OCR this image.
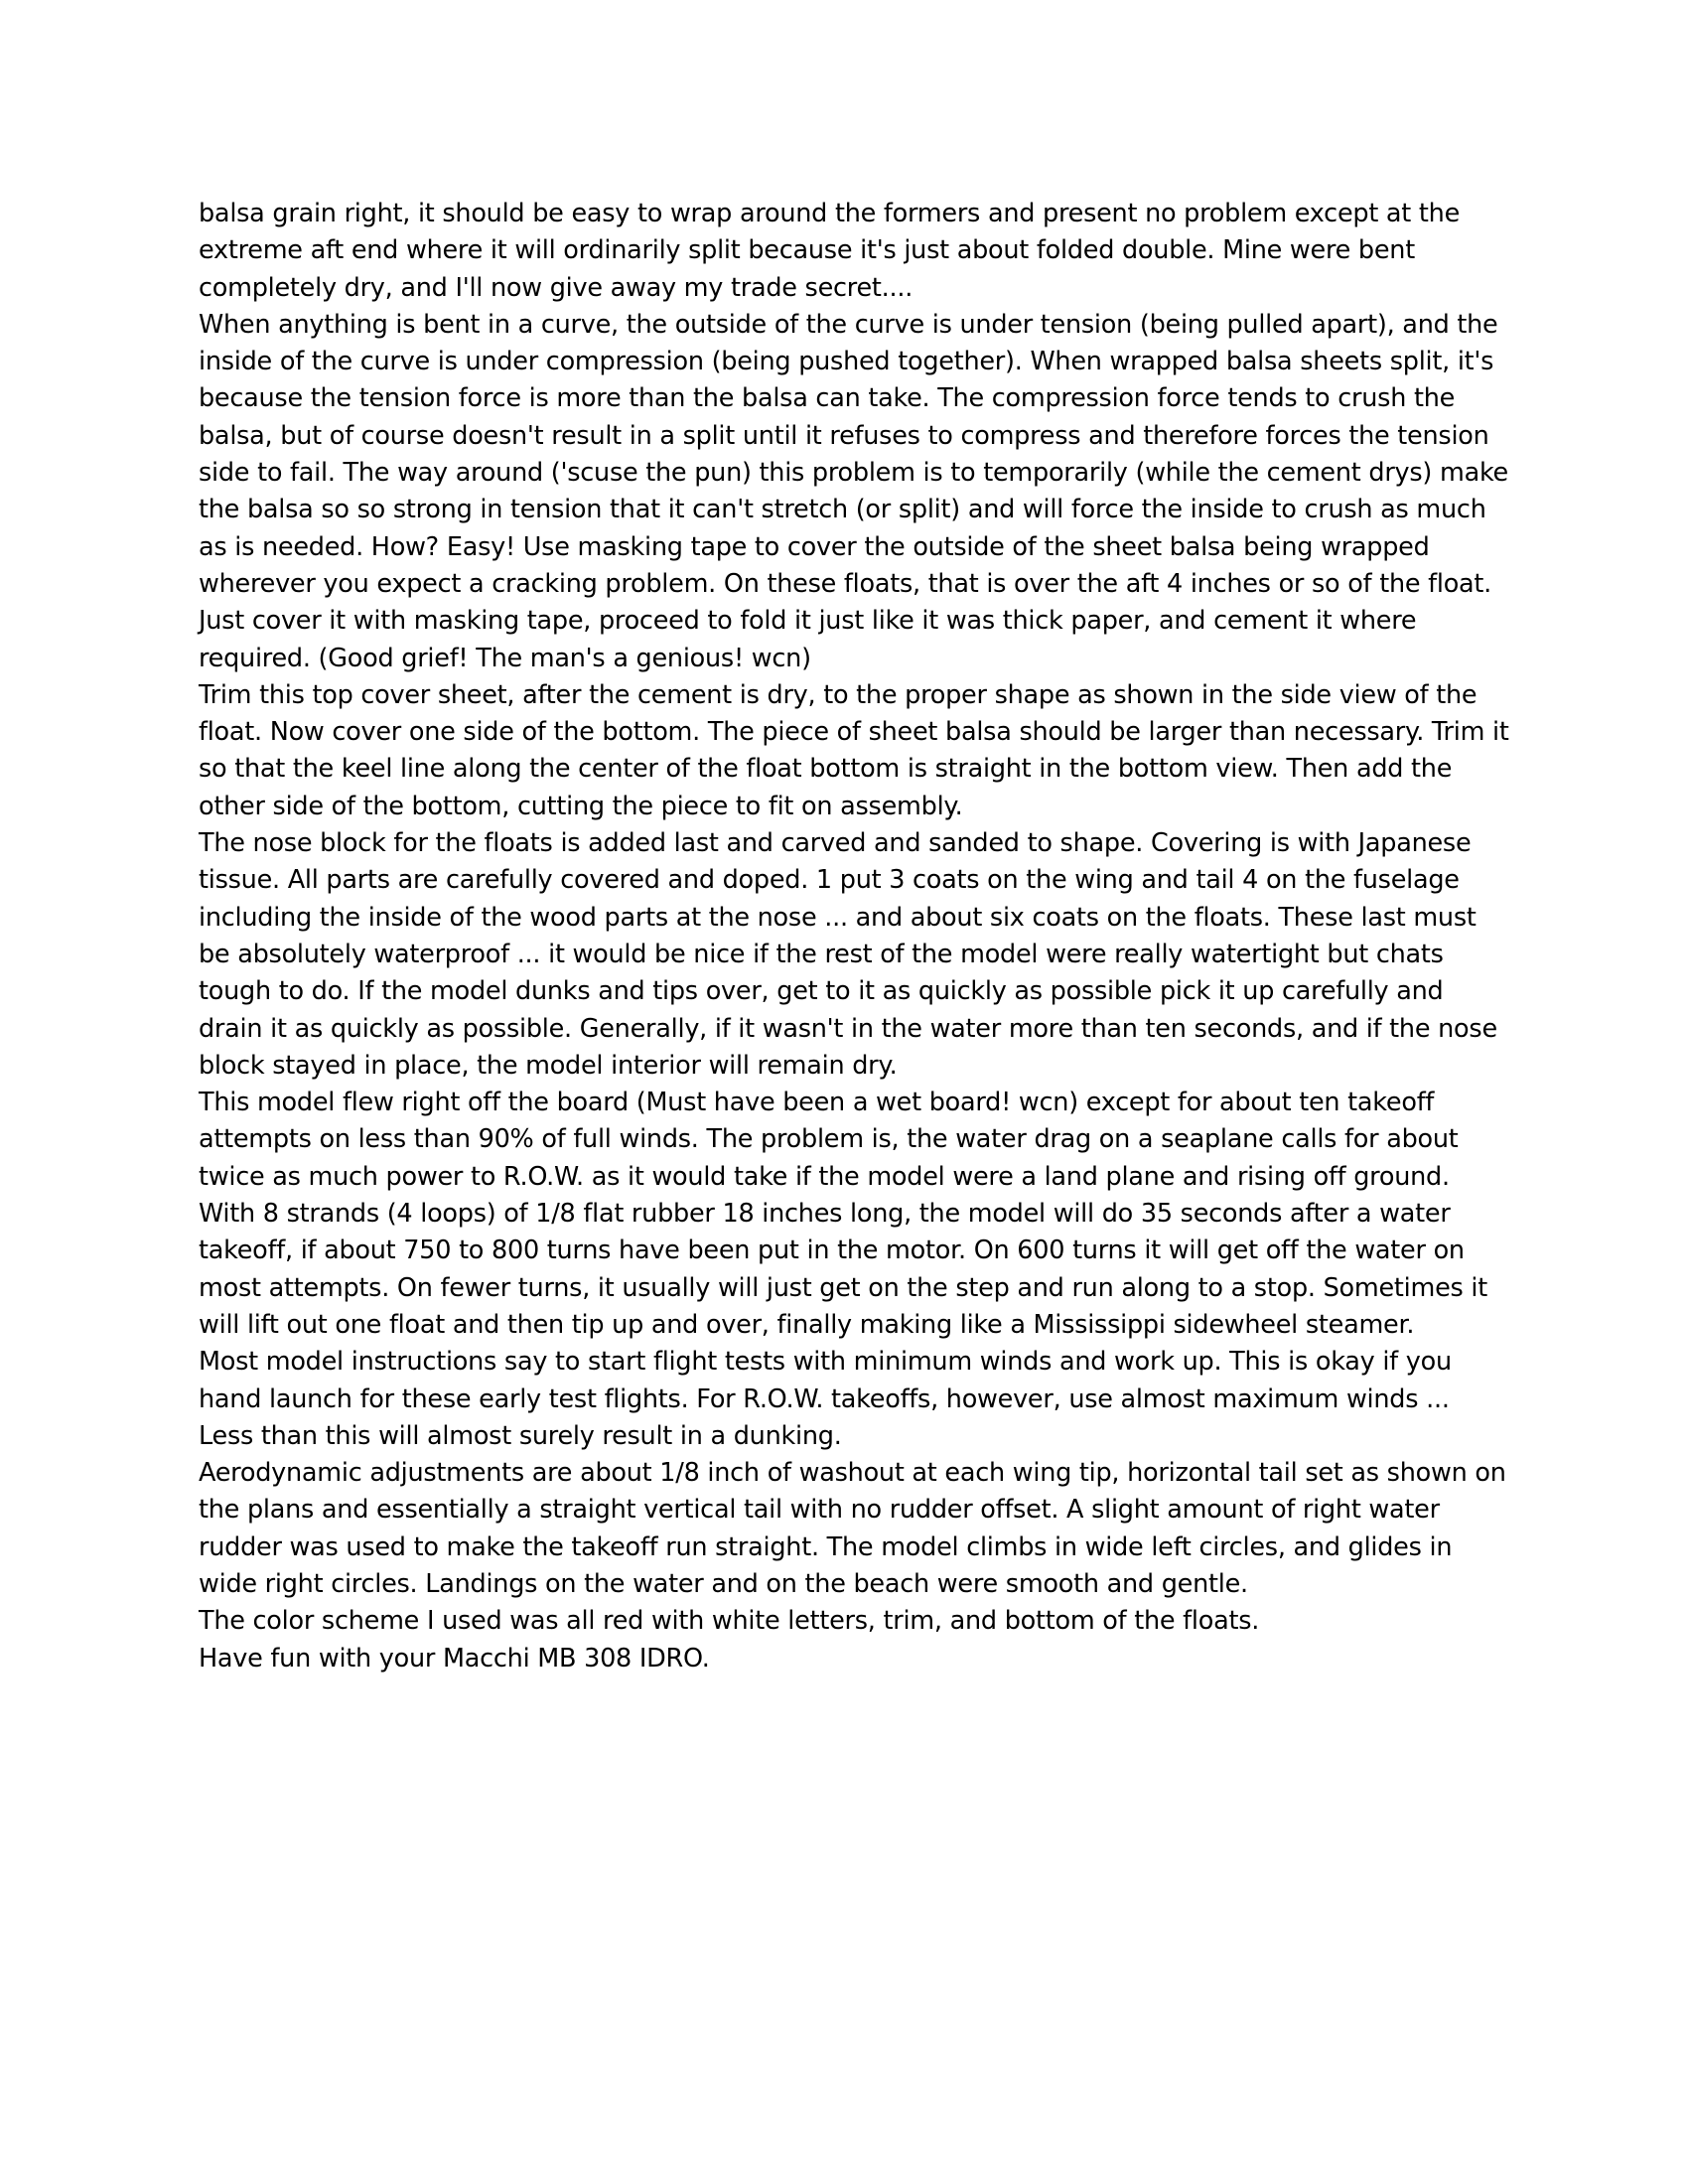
balsa grain right, it should be easy to wrap around the formers and present no problem except at the extreme aft end where it will ordinarily split because it's just about folded double. Mine were bent completely dry, and I'll now give away my trade secret....

When anything is bent in a curve, the outside of the curve is under tension (being pulled apart), and the inside of the curve is under compression (being pushed together). When wrapped balsa sheets split, it's because the tension force is more than the balsa can take. The compression force tends to crush the balsa, but of course doesn't result in a split until it refuses to compress and therefore forces the tension side to fail. The way around ('scuse the pun) this problem is to temporarily (while the cement drys) make the balsa so so strong in tension that it can't stretch (or split) and will force the inside to crush as much as is needed. How? Easy! Use masking tape to cover the outside of the sheet balsa being wrapped wherever you expect a cracking problem. On these floats, that is over the aft 4 inches or so of the float. Just cover it with masking tape, proceed to fold it just like it was thick paper, and cement it where required. (Good grief! The man's a genious! wcn)

Trim this top cover sheet, after the cement is dry, to the proper shape as shown in the side view of the float. Now cover one side of the bottom. The piece of sheet balsa should be larger than necessary. Trim it so that the keel line along the center of the float bottom is straight in the bottom view. Then add the other side of the bottom, cutting the piece to fit on assembly.

The nose block for the floats is added last and carved and sanded to shape. Covering is with Japanese tissue. All parts are carefully covered and doped. 1 put 3 coats on the wing and tail 4 on the fuselage including the inside of the wood parts at the nose ... and about six coats on the floats. These last must be absolutely waterproof ... it would be nice if the rest of the model were really watertight but chats tough to do. If the model dunks and tips over, get to it as quickly as possible pick it up carefully and drain it as quickly as possible. Generally, if it wasn't in the water more than ten seconds, and if the nose block stayed in place, the model interior will remain dry.

This model flew right off the board (Must have been a wet board! wcn) except for about ten takeoff attempts on less than 90% of full winds. The problem is, the water drag on a seaplane calls for about twice as much power to R.O.W. as it would take if the model were a land plane and rising off ground. With 8 strands (4 loops) of 1/8 flat rubber 18 inches long, the model will do 35 seconds after a water takeoff, if about 750 to 800 turns have been put in the motor. On 600 turns it will get off the water on most attempts. On fewer turns, it usually will just get on the step and run along to a stop. Sometimes it will lift out one float and then tip up and over, finally making like a Mississippi sidewheel steamer.

Most model instructions say to start flight tests with minimum winds and work up. This is okay if you hand launch for these early test flights. For R.O.W. takeoffs, however, use almost maximum winds ... Less than this will almost surely result in a dunking.

Aerodynamic adjustments are about 1/8 inch of washout at each wing tip, horizontal tail set as shown on the plans and essentially a straight vertical tail with no rudder offset. A slight amount of right water rudder was used to make the takeoff run straight. The model climbs in wide left circles, and glides in wide right circles. Landings on the water and on the beach were smooth and gentle.

The color scheme I used was all red with white letters, trim, and bottom of the floats.

Have fun with your Macchi MB 308 IDRO.
